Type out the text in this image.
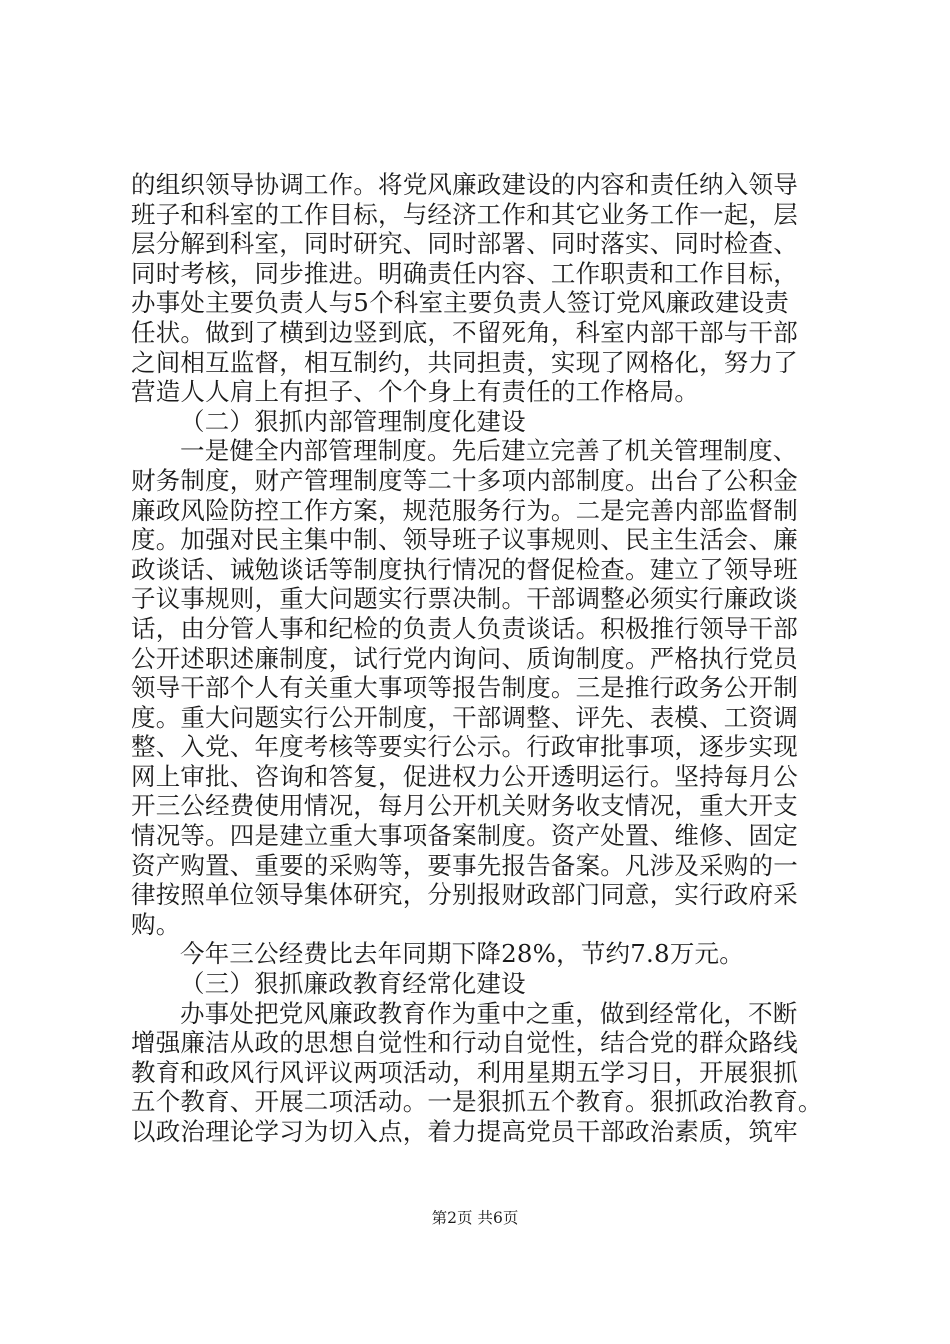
的组织领导协调工作。将党风廉政建设的内容和责任纳入领导
班子和科室的工作目标，与经济工作和其它业务工作一起，层
层分解到科室，同时研究、同时部署、同时落实、同时检查、
同时考核，同步推进。明确责任内容、工作职责和工作目标，
办事处主要负责人与5个科室主要负责人签订党风廉政建设责
任状。做到了横到边竖到底，不留死角，科室内部干部与干部
之间相互监督，相互制约，共同担责，实现了网格化，努力了
营造人人肩上有担子、个个身上有责任的工作格局。
（二）狠抓内部管理制度化建设
一是健全内部管理制度。先后建立完善了机关管理制度、
财务制度，财产管理制度等二十多项内部制度。出台了公积金
廉政风险防控工作方案，规范服务行为。二是完善内部监督制
度。加强对民主集中制、领导班子议事规则、民主生活会、廉
政谈话、诫勉谈话等制度执行情况的督促检查。建立了领导班
子议事规则，重大问题实行票决制。干部调整必须实行廉政谈
话，由分管人事和纪检的负责人负责谈话。积极推行领导干部
公开述职述廉制度，试行党内询问、质询制度。严格执行党员
领导干部个人有关重大事项等报告制度。三是推行政务公开制
度。重大问题实行公开制度，干部调整、评先、表模、工资调
整、入党、年度考核等要实行公示。行政审批事项，逐步实现
网上审批、咨询和答复，促进权力公开透明运行。坚持每月公
开三公经费使用情况，每月公开机关财务收支情况，重大开支
情况等。四是建立重大事项备案制度。资产处置、维修、固定
资产购置、重要的采购等，要事先报告备案。凡涉及采购的一
律按照单位领导集体研究，分别报财政部门同意，实行政府采
购。
今年三公经费比去年同期下降28%，节约7.8万元。
（三）狠抓廉政教育经常化建设
办事处把党风廉政教育作为重中之重，做到经常化，不断
增强廉洁从政的思想自觉性和行动自觉性，结合党的群众路线
教育和政风行风评议两项活动，利用星期五学习日，开展狠抓
五个教育、开展二项活动。一是狠抓五个教育。狠抓政治教育。
以政治理论学习为切入点，着力提高党员干部政治素质，筑牢
第2页 共6页
